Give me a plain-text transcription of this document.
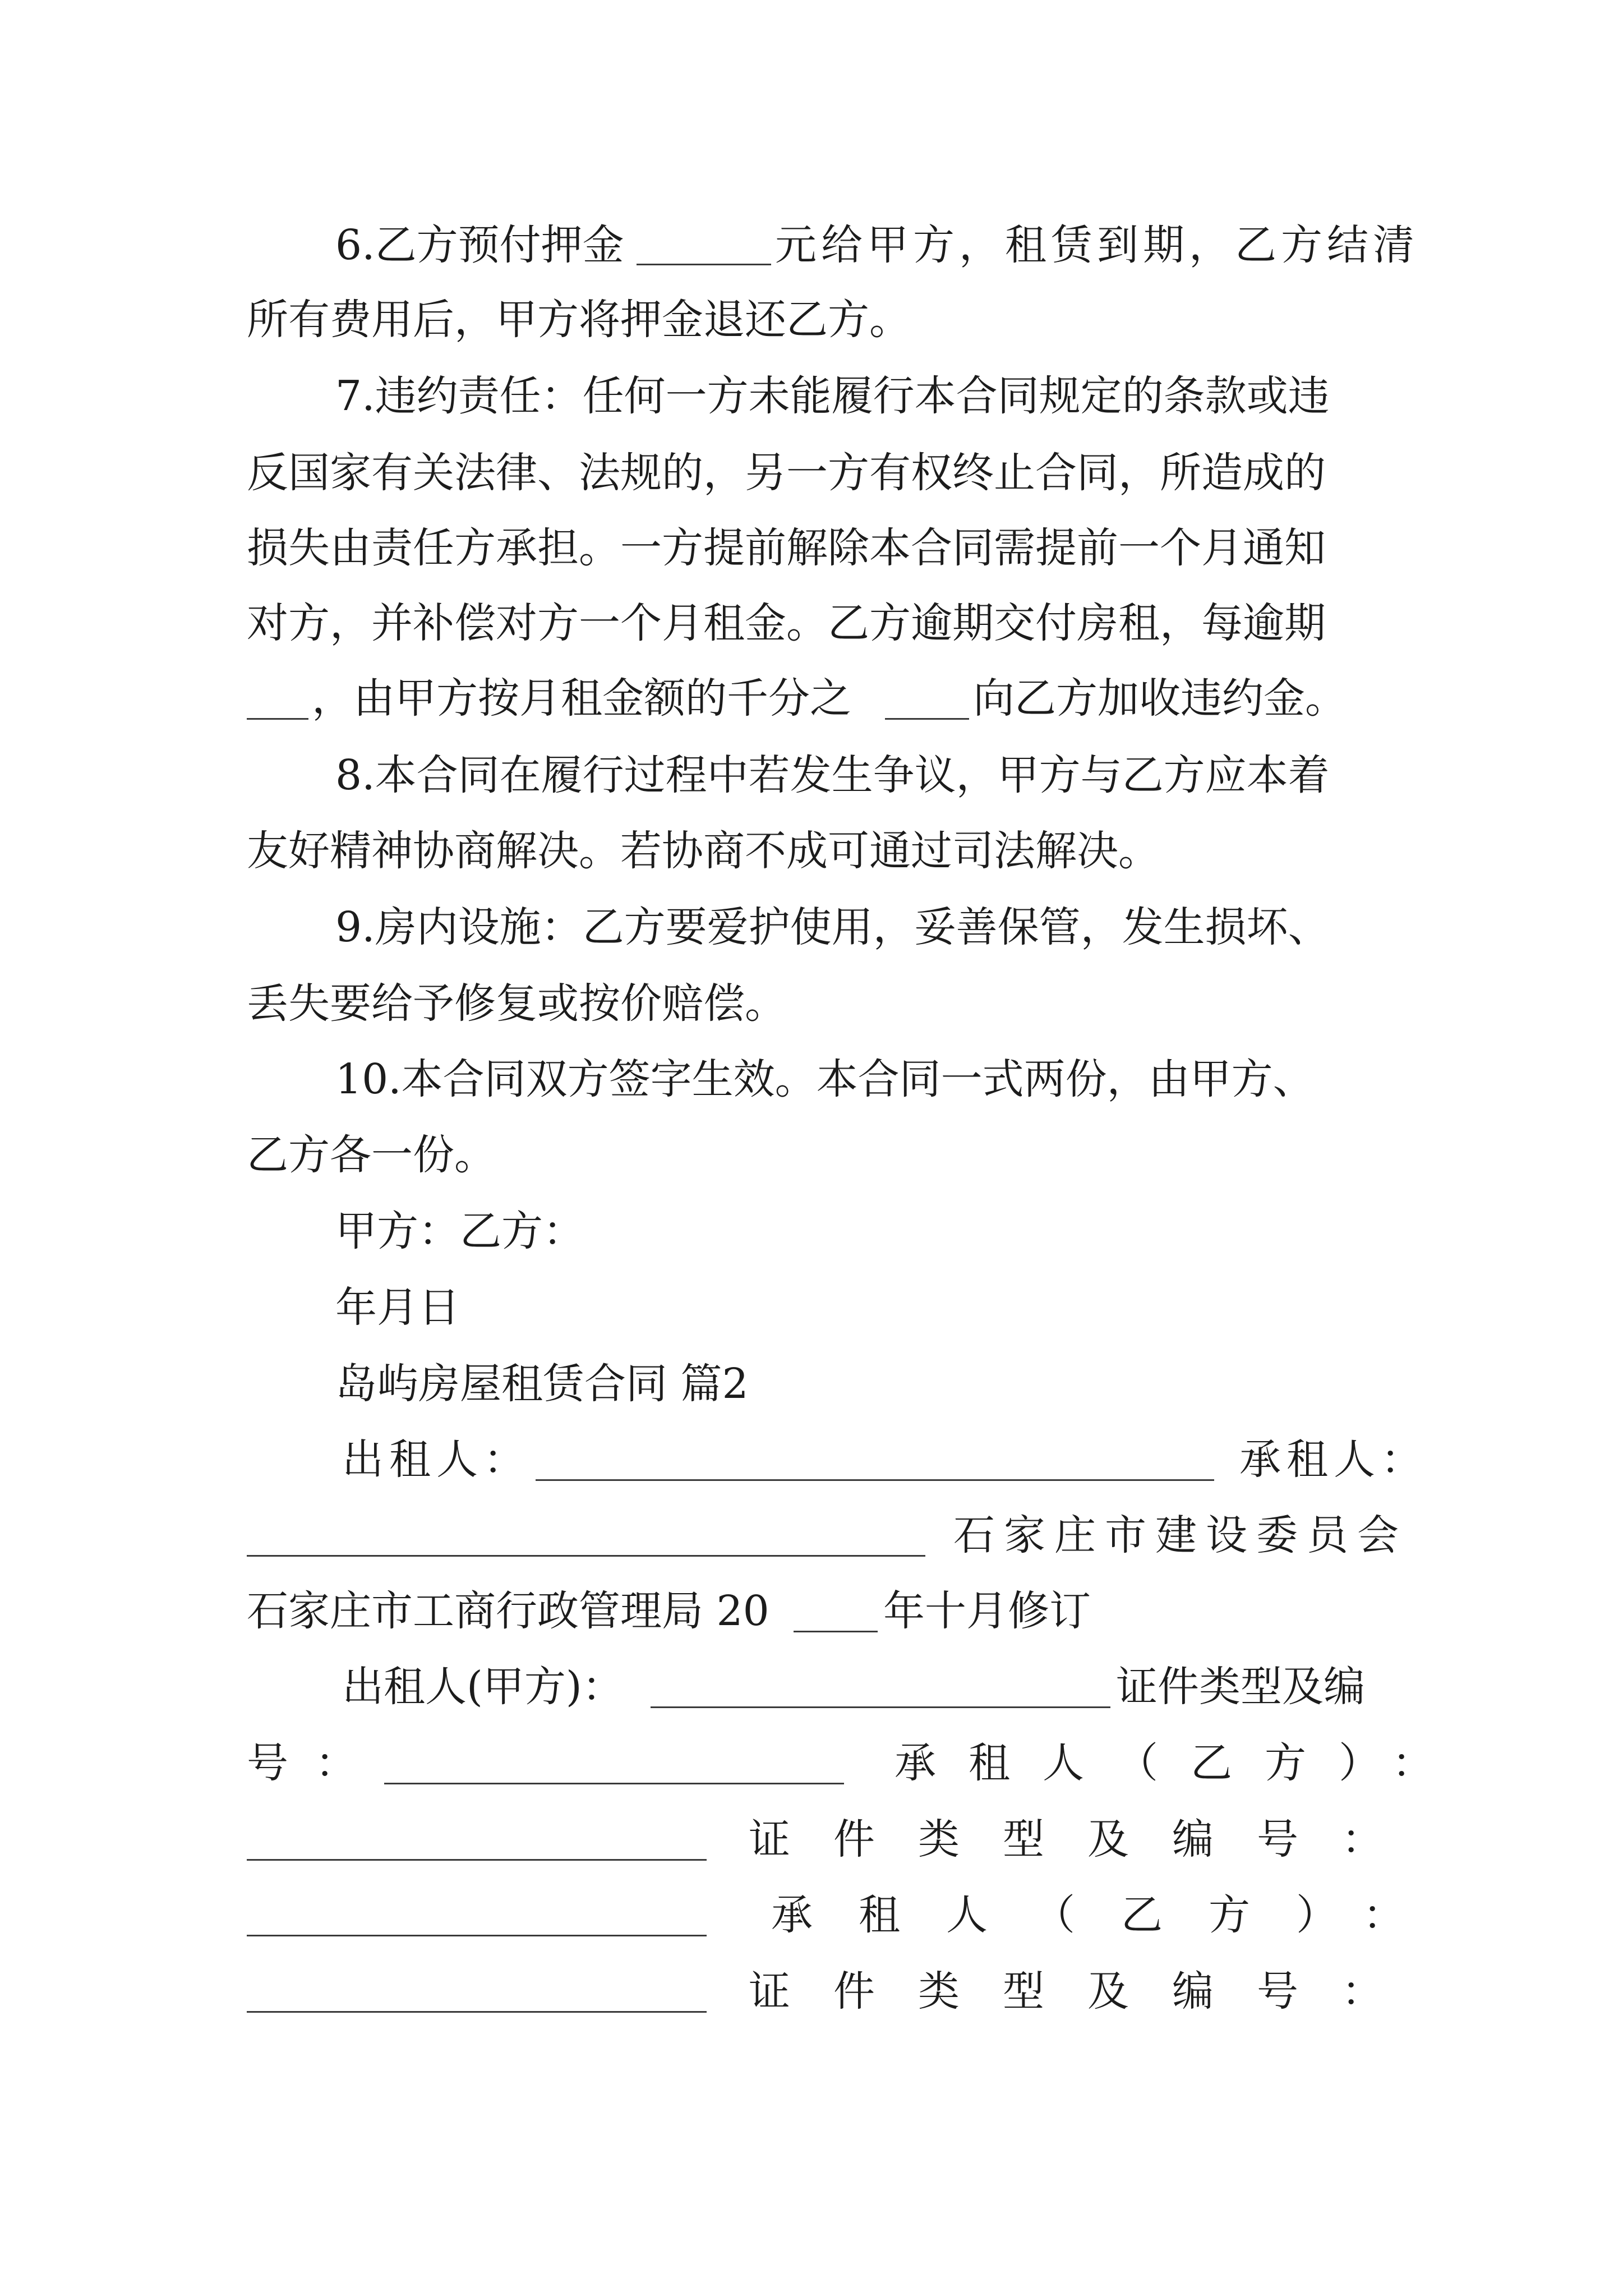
6.乙方预付押金	元给甲方，租赁到期，乙方结清
所有费用后，甲方将押金退还乙方。
7.违约责任：任何一方未能履行本合同规定的条款或违
反国家有关法律、法规的，另一方有权终止合同，所造成的
损失由责任方承担。一方提前解除本合同需提前一个月通知
对方，并补偿对方一个月租金。乙方逾期交付房租，每逾期
，由甲方按月租金额的千分之	向乙方加收违约金。
8.本合同在履行过程中若发生争议，甲方与乙方应本着
友好精神协商解决。若协商不成可通过司法解决。
9.房内设施：乙方要爱护使用，妥善保管，发生损坏、
丢失要给予修复或按价赔偿。
10.本合同双方签字生效。本合同一式两份，由甲方、
乙方各一份。
甲方：乙方：
年月日
岛屿房屋租赁合同 篇2
出租人：	承租人：
石家庄市建设委员会
石家庄市工商行政管理局 20	年十月修订
出租人(甲方)：	证件类型及编
号：	承租人（乙方）：
证件类型及编号：
承租人（乙方）：
证件类型及编号：
